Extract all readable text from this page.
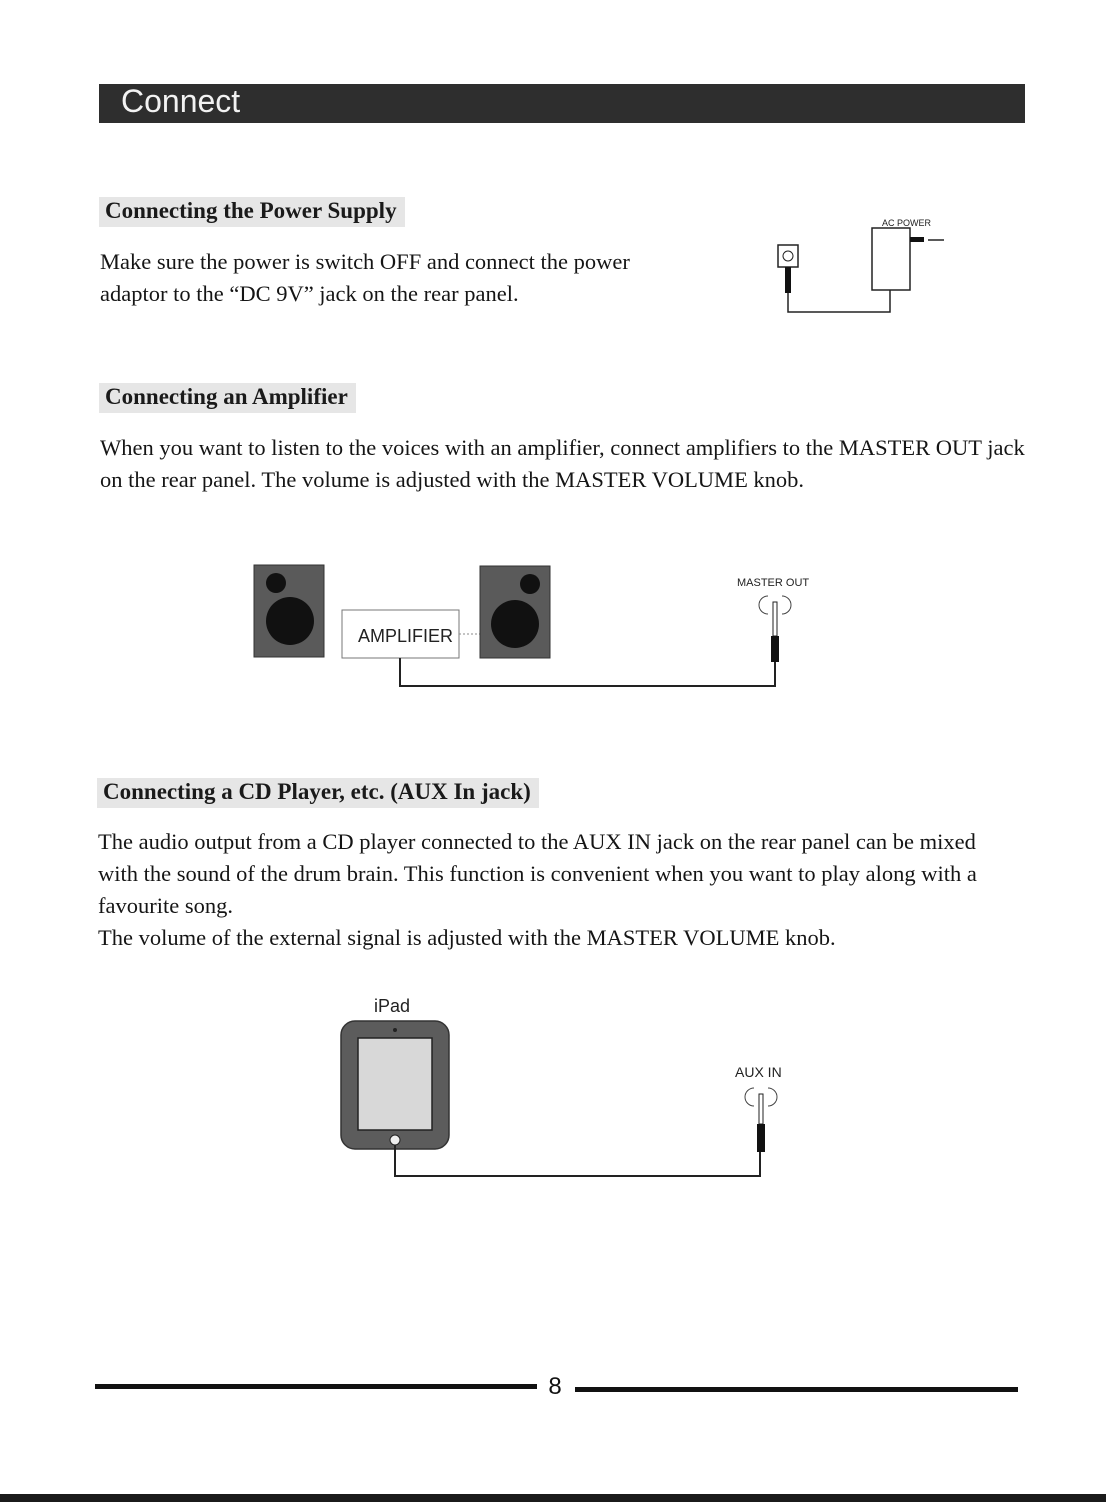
Connect
Connecting the Power Supply

Make sure the power is switch OFF and connect the power adaptor to the “DC 9V” jack on the rear panel.

AC POWER
AMPLIFIER
MASTER OUT
iPad
AUX IN
Connecting an Amplifier

When you want to listen to the voices with an amplifier, connect amplifiers to the MASTER OUT jack on the rear panel. The volume is adjusted with the MASTER VOLUME knob.

Connecting a CD Player, etc. (AUX In jack)

The audio output from a CD player connected to the AUX IN jack on the rear panel can be mixed with the sound of the drum brain. This function is convenient when you want to play along with a favourite song.

The volume of the external signal is adjusted with the MASTER VOLUME knob.

8
